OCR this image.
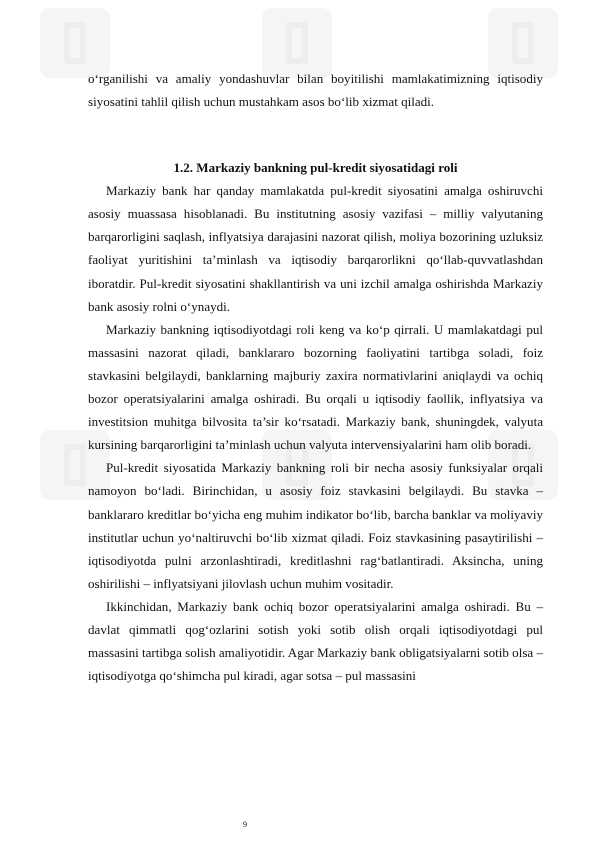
o‘rganilishi va amaliy yondashuvlar bilan boyitilishi mamlakatimizning iqtisodiy siyosatini tahlil qilish uchun mustahkam asos bo‘lib xizmat qiladi.

1.2. Markaziy bankning pul-kredit siyosatidagi roli

Markaziy bank har qanday mamlakatda pul-kredit siyosatini amalga oshiruvchi asosiy muassasa hisoblanadi. Bu institutning asosiy vazifasi – milliy valyutaning barqarorligini saqlash, inflyatsiya darajasini nazorat qilish, moliya bozorining uzluksiz faoliyat yuritishini ta’minlash va iqtisodiy barqarorlikni qo‘llab-quvvatlashdan iboratdir. Pul-kredit siyosatini shakllantirish va uni izchil amalga oshirishda Markaziy bank asosiy rolni o‘ynaydi.

Markaziy bankning iqtisodiyotdagi roli keng va ko‘p qirrali. U mamlakatdagi pul massasini nazorat qiladi, banklararo bozorning faoliyatini tartibga soladi, foiz stavkasini belgilaydi, banklarning majburiy zaxira normativlarini aniqlaydi va ochiq bozor operatsiyalarini amalga oshiradi. Bu orqali u iqtisodiy faollik, inflyatsiya va investitsion muhitga bilvosita ta’sir ko‘rsatadi. Markaziy bank, shuningdek, valyuta kursining barqarorligini ta’minlash uchun valyuta intervensiyalarini ham olib boradi.

Pul-kredit siyosatida Markaziy bankning roli bir necha asosiy funksiyalar orqali namoyon bo‘ladi. Birinchidan, u asosiy foiz stavkasini belgilaydi. Bu stavka – banklararo kreditlar bo‘yicha eng muhim indikator bo‘lib, barcha banklar va moliyaviy institutlar uchun yo‘naltiruvchi bo‘lib xizmat qiladi. Foiz stavkasining pasaytirilishi – iqtisodiyotda pulni arzonlashtiradi, kreditlashni rag‘batlantiradi. Aksincha, uning oshirilishi – inflyatsiyani jilovlash uchun muhim vositadir.

Ikkinchidan, Markaziy bank ochiq bozor operatsiyalarini amalga oshiradi. Bu – davlat qimmatli qog‘ozlarini sotish yoki sotib olish orqali iqtisodiyotdagi pul massasini tartibga solish amaliyotidir. Agar Markaziy bank obligatsiyalarni sotib olsa – iqtisodiyotga qo‘shimcha pul kiradi, agar sotsa – pul massasini

9
